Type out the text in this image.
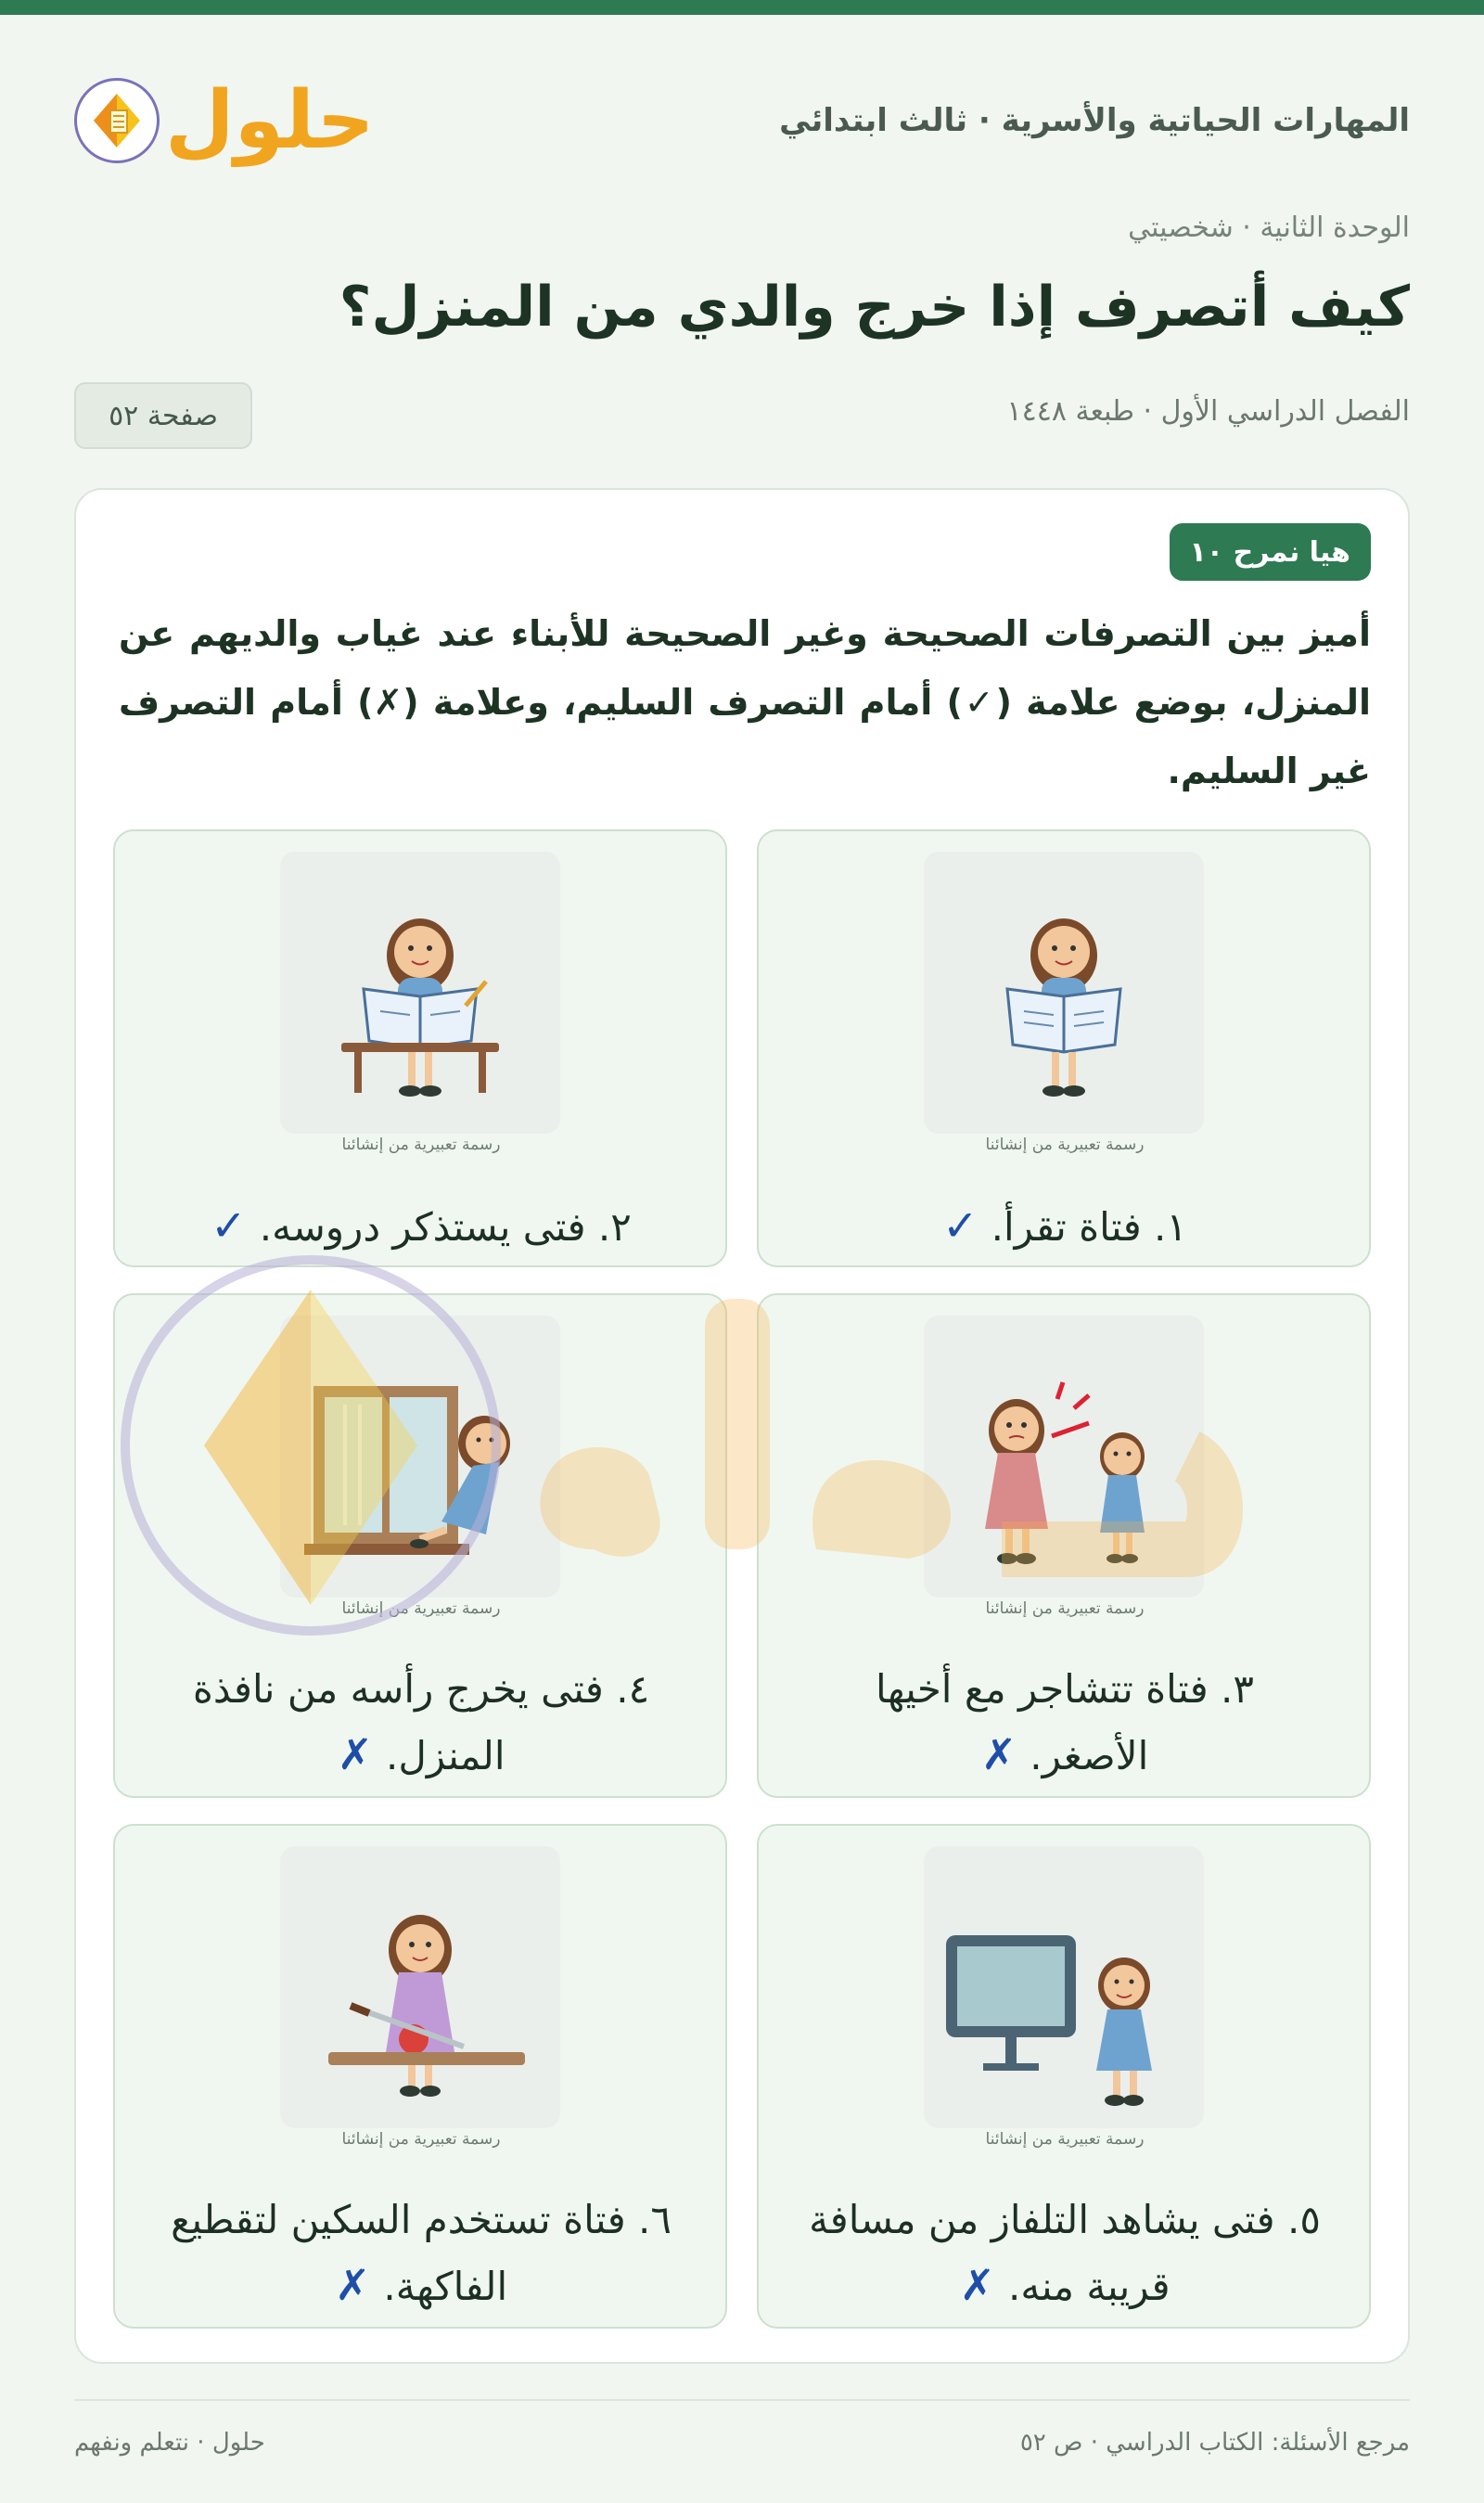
المهارات الحياتية والأسرية · ثالث ابتدائي
حلول
الوحدة الثانية · شخصيتي
كيف أتصرف إذا خرج والدي من المنزل؟
الفصل الدراسي الأول · طبعة ١٤٤٨
صفحة ٥٢
هيا نمرح ١٠
أميز بين التصرفات الصحيحة وغير الصحيحة للأبناء عند غياب والديهم عن المنزل، بوضع علامة (✓) أمام التصرف السليم، وعلامة (✗) أمام التصرف غير السليم.
رسمة تعبيرية من إنشائنا
١. فتاة تقرأ.✓
رسمة تعبيرية من إنشائنا
٢. فتى يستذكر دروسه.✓
رسمة تعبيرية من إنشائنا
٣. فتاة تتشاجر مع أخيها الأصغر.✗
رسمة تعبيرية من إنشائنا
٤. فتى يخرج رأسه من نافذة المنزل.✗
رسمة تعبيرية من إنشائنا
٥. فتى يشاهد التلفاز من مسافة قريبة منه.✗
رسمة تعبيرية من إنشائنا
٦. فتاة تستخدم السكين لتقطيع الفاكهة.✗
مرجع الأسئلة: الكتاب الدراسي · ص ٥٢
حلول · نتعلم ونفهم
